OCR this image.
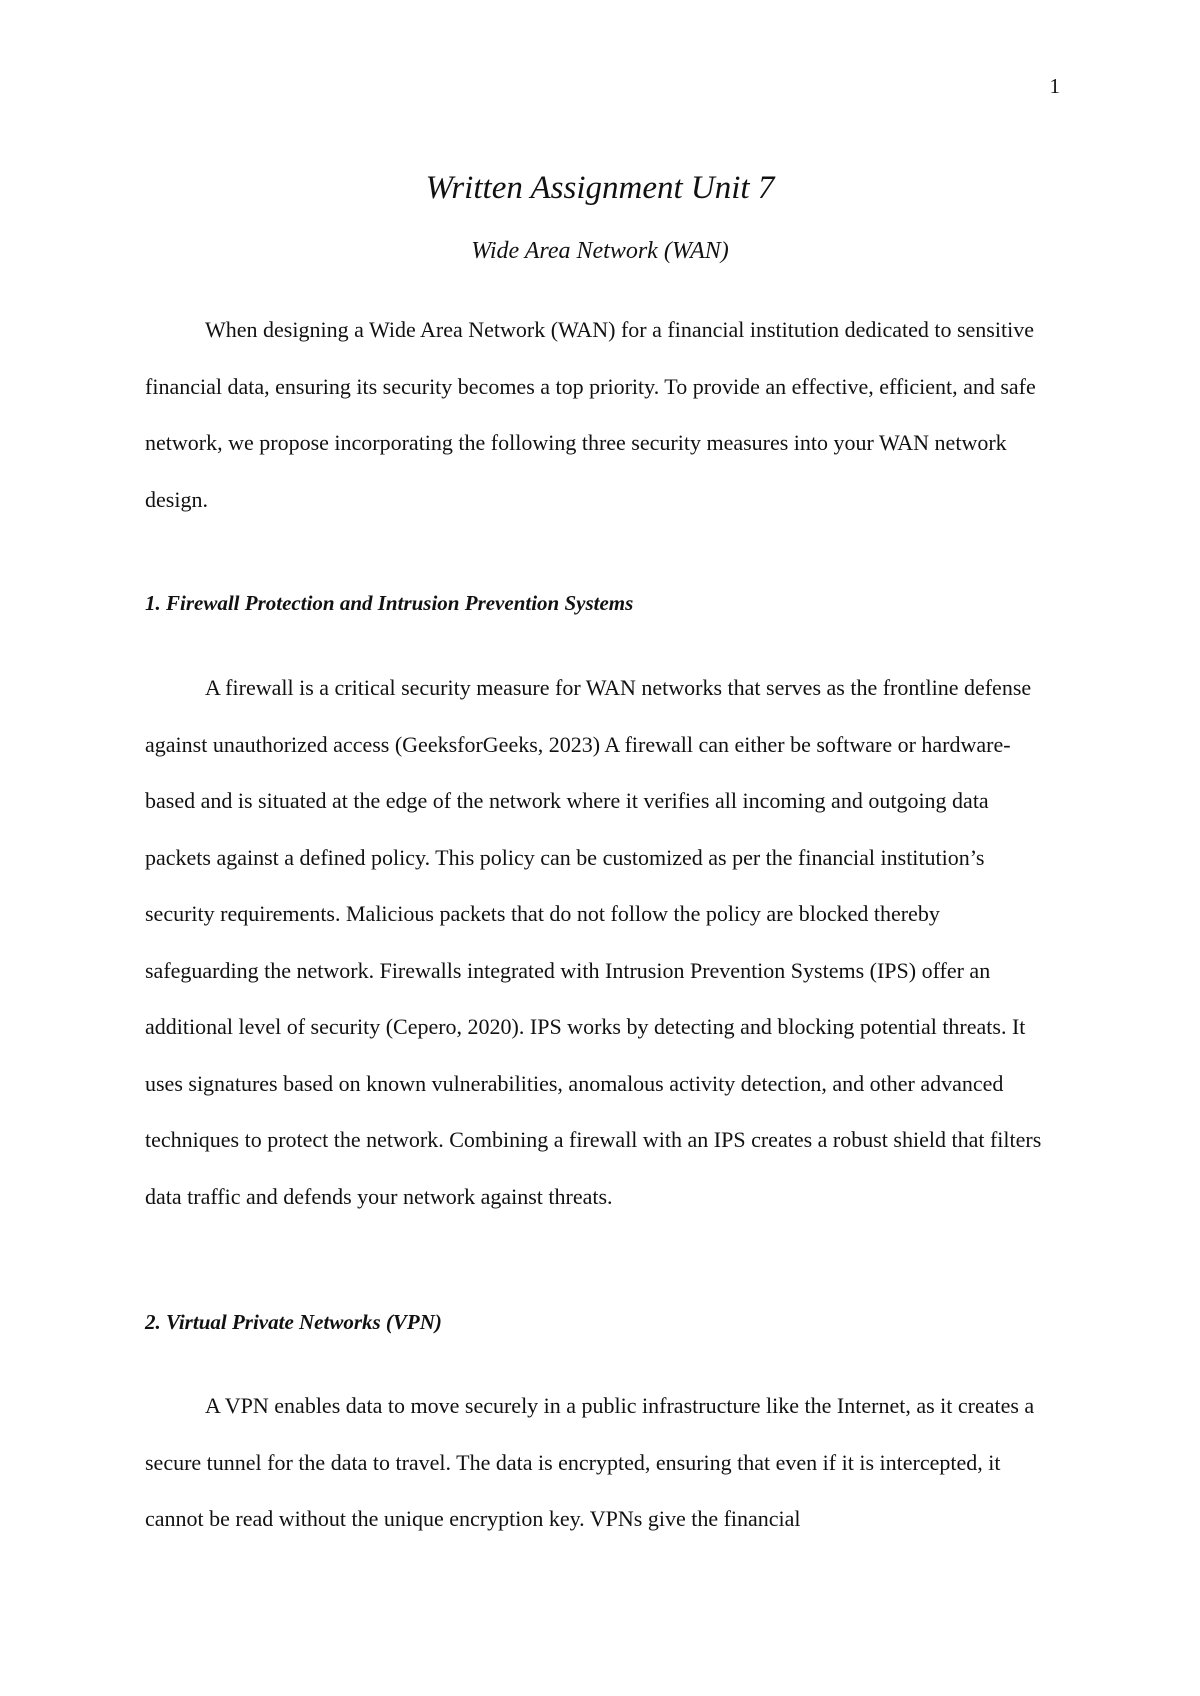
1
Written Assignment Unit 7
Wide Area Network (WAN)

When designing a Wide Area Network (WAN) for a financial institution dedicated to sensitive financial data, ensuring its security becomes a top priority. To provide an effective, efficient, and safe network, we propose incorporating the following three security measures into your WAN network design.

1. Firewall Protection and Intrusion Prevention Systems

A firewall is a critical security measure for WAN networks that serves as the frontline defense against unauthorized access (GeeksforGeeks, 2023) A firewall can either be software or hardware-based and is situated at the edge of the network where it verifies all incoming and outgoing data packets against a defined policy. This policy can be customized as per the financial institution’s security requirements. Malicious packets that do not follow the policy are blocked thereby safeguarding the network. Firewalls integrated with Intrusion Prevention Systems (IPS) offer an additional level of security (Cepero, 2020). IPS works by detecting and blocking potential threats. It uses signatures based on known vulnerabilities, anomalous activity detection, and other advanced techniques to protect the network. Combining a firewall with an IPS creates a robust shield that filters data traffic and defends your network against threats.

2. Virtual Private Networks (VPN)

A VPN enables data to move securely in a public infrastructure like the Internet, as it creates a secure tunnel for the data to travel. The data is encrypted, ensuring that even if it is intercepted, it cannot be read without the unique encryption key. VPNs give the financial
